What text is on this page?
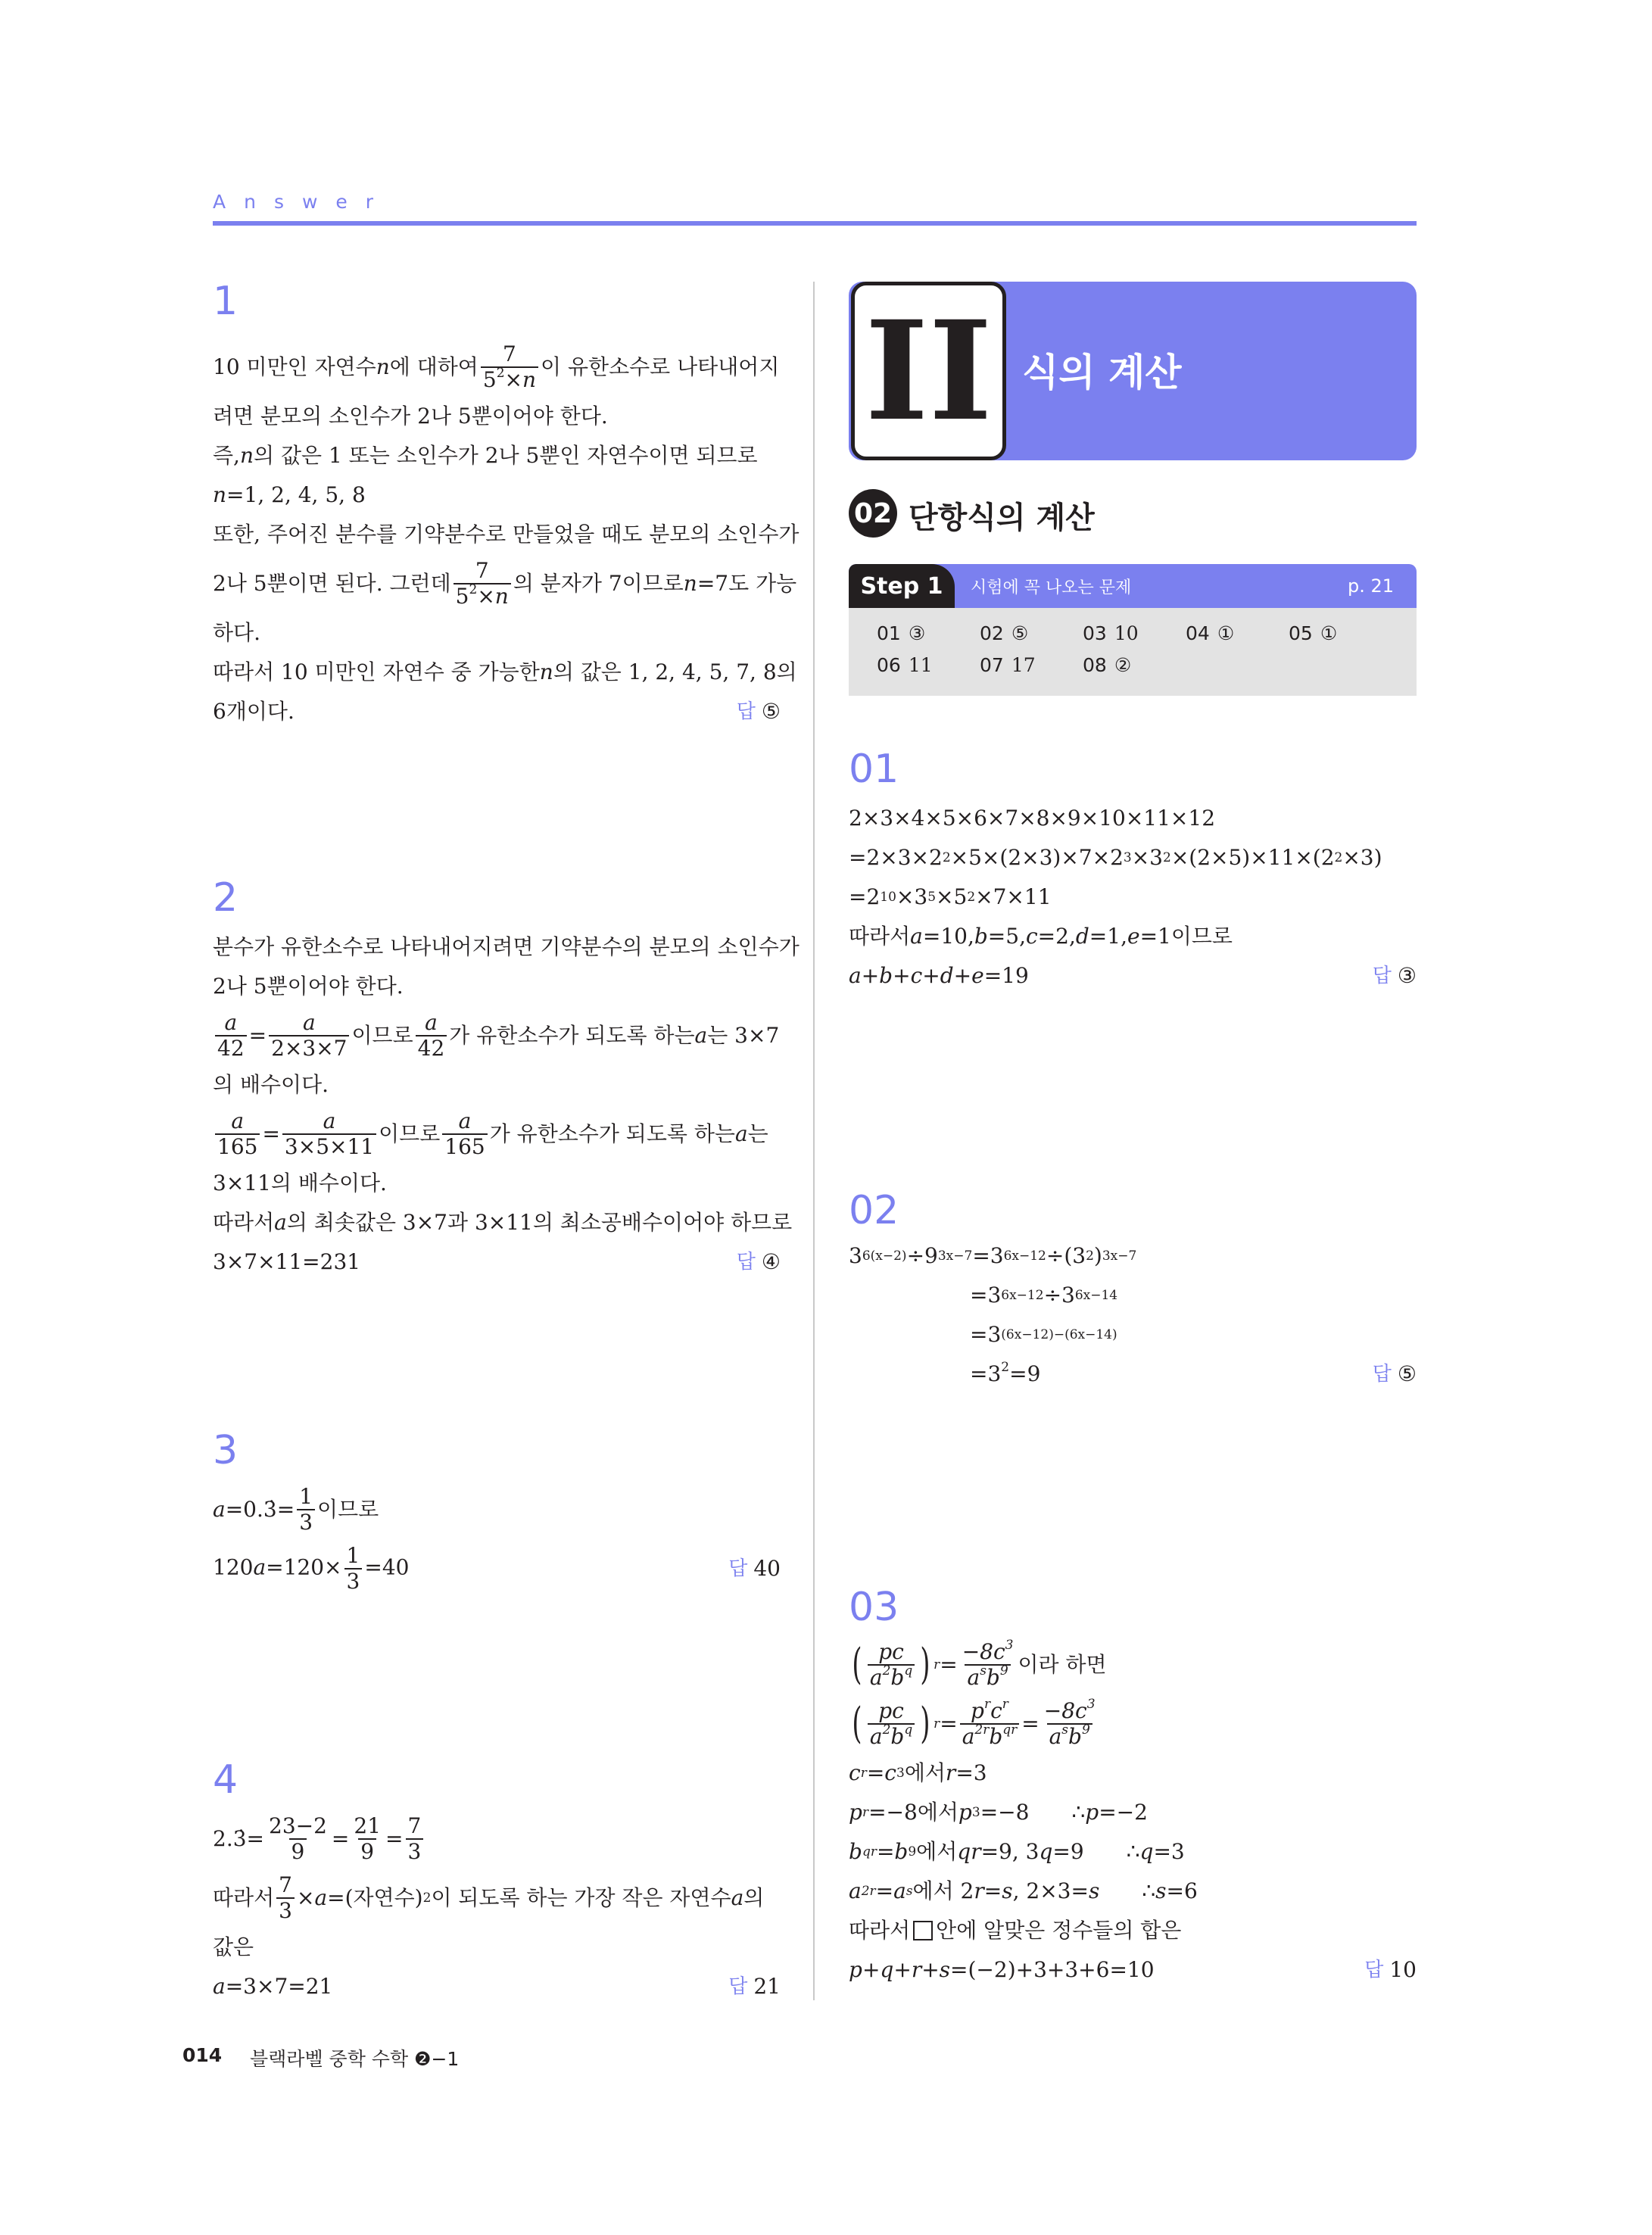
Answer
1
10 미만인 자연수 n 에 대하여 $\frac{7}{5^2\times n}$ 이 유한소수로 나타내어지
려면 분모의 소인수가 2나 5뿐이어야 한다.
즉, n 의 값은 1 또는 소인수가 2나 5뿐인 자연수이면 되므로
n =1, 2, 4, 5, 8
또한, 주어진 분수를 기약분수로 만들었을 때도 분모의 소인수가
2나 5뿐이면 된다. 그런데 $\frac{7}{5^2\times n}$ 의 분자가 7이므로 n =7도 가능
하다.
따라서 10 미만인 자연수 중 가능한 n 의 값은 1, 2, 4, 5, 7, 8의
6개이다.	답 ⑤
2
분수가 유한소수로 나타내어지려면 기약분수의 분모의 소인수가
2나 5뿐이어야 한다.
$\frac{a}{42} = \frac{a}{2\times 3\times 7}$ 이므로 $\frac{a}{42}$ 가 유한소수가 되도록 하는 a 는 3×7
의 배수이다.
$\frac{a}{165} = \frac{a}{3\times 5\times 11}$ 이므로 $\frac{a}{165}$ 가 유한소수가 되도록 하는 a 는
3×11의 배수이다.
따라서 a 의 최솟값은 3×7과 3×11의 최소공배수이어야 하므로
3×7×11=231	답 ④
3
a =0. 3̇ = $\frac{1}{3}$ 이므로
$120a=120\times \frac{1}{3} =40$	답 40
4
2. 3̇ = $\frac{23-2}{9} = \frac{21}{9} = \frac{7}{3}$
따라서 $\frac{7}{3} \times a$ =(자연수) 2 이 되도록 하는 가장 작은 자연수 a 의
값은
a=3×7=21	답 21
II 식의 계산
02 단항식의 계산
Step 1	시험에 꼭 나오는 문제	p. 21
01 ③	02 ⑤	03 10 04 ①	05 ①
06 11 07 17 08 ②
01
2×3×4×5×6×7×8×9×10×11×12
=2×3×2 2 ×5×(2×3)×7×2 3 ×3 2 ×(2×5)×11×(2 2 ×3)
=2 10 ×3 5 ×5 2 ×7×11
따라서 a =10, b =5, c =2, d =1, e =1이므로
a+b+c+d+e=19	답 ③
02
3 6(x−2) ÷9 3x−7 =3 6x−12 ÷(3 2 ) 3x−7
=3 6x−12 ÷3 6x−14
=3 (6x−12)−(6x−14)
$=3^2=9$	답 ⑤
03
( $\frac{pc}{a^2b^q}$ ) $r = \frac{-8c^3}{a^sb^9}$ 이라 하면
( $\frac{pc}{a^2b^q}$ ) $r = \frac{p^rc^r}{a^{2r}b^{qr}} = \frac{-8c^3}{a^sb^9}$
c r =c 3 에서 r =3
p r =−8에서 p 3 =−8 ∴ p =−2
b qr =b 9 에서 qr =9, 3 q =9 ∴ q =3
a 2r =a s 에서 2 r = s , 2×3= s ∴ s =6
따라서 안에 알맞은 정수들의 합은
p+q+r+s=(−2)+3+3+6=10	답 10
014 블랙라벨 중학 수학 ❷−1
